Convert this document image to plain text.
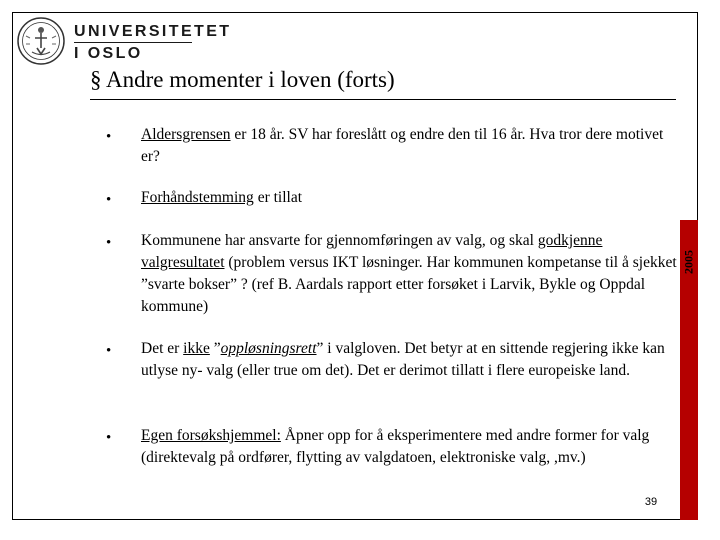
UNIVERSITETET
I OSLO
§ Andre momenter i loven (forts)
2005
•	Aldersgrensen er 18 år. SV har foreslått og endre den til 16 år. Hva tror dere motivet er?
•	Forhåndstemming er tillat
•	Kommunene har ansvarte for gjennomføringen av valg, og skal godkjenne valgresultatet (problem versus IKT løsninger. Har kommunen kompetanse til å sjekket ”svarte bokser” ? (ref B. Aardals rapport etter forsøket i Larvik, Bykle og Oppdal kommune)
•	Det er ikke ”oppløsningsrett” i valgloven. Det betyr at en sittende regjering ikke kan utlyse ny- valg (eller true om det). Det er derimot tillatt i flere europeiske land.
•	Egen forsøkshjemmel: Åpner opp for å eksperimentere med andre former for valg (direktevalg på ordfører, flytting av valgdatoen, elektroniske valg, ,mv.)
39
